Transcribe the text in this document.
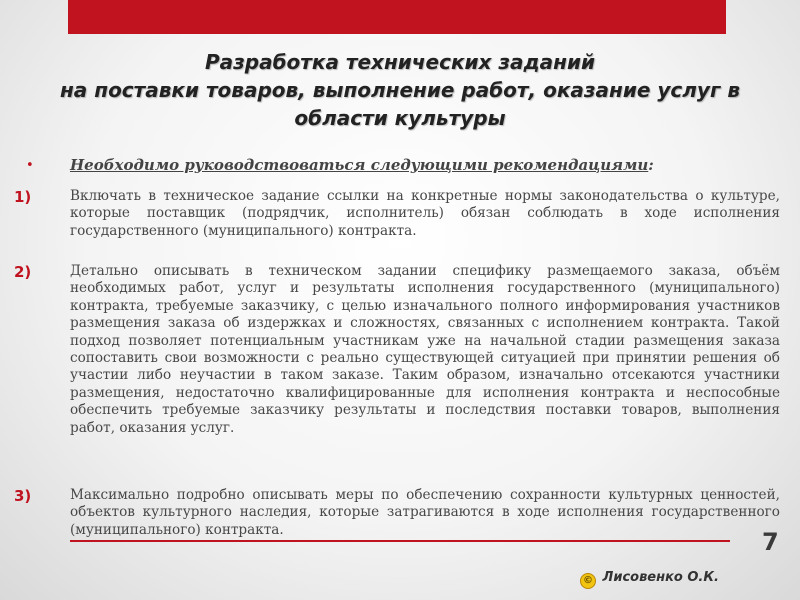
Разработка технических заданий
на поставки товаров, выполнение работ, оказание услуг в
области культуры
• Необходимо руководствоваться следующими рекомендациями:
1)	Включать в техническое задание ссылки на конкретные нормы законодательства о культуре, которые поставщик (подрядчик, исполнитель) обязан соблюдать в ходе исполнения государственного (муниципального) контракта.
2)	Детально описывать в техническом задании специфику размещаемого заказа, объём необходимых работ, услуг и результаты исполнения государственного (муниципального) контракта, требуемые заказчику, с целью изначального полного информирования участников размещения заказа об издержках и сложностях, связанных с исполнением контракта. Такой подход позволяет потенциальным участникам уже на начальной стадии размещения заказа сопоставить свои возможности с реально существующей ситуацией при принятии решения об участии либо неучастии в таком заказе. Таким образом, изначально отсекаются участники размещения, недостаточно квалифицированные для исполнения контракта и неспособные обеспечить требуемые заказчику результаты и последствия поставки товаров, выполнения работ, оказания услуг.
3)	Максимально подробно описывать меры по обеспечению сохранности культурных ценностей, объектов культурного наследия, которые затрагиваются в ходе исполнения государственного (муниципального) контракта.	7
© Лисовенко О.К.
